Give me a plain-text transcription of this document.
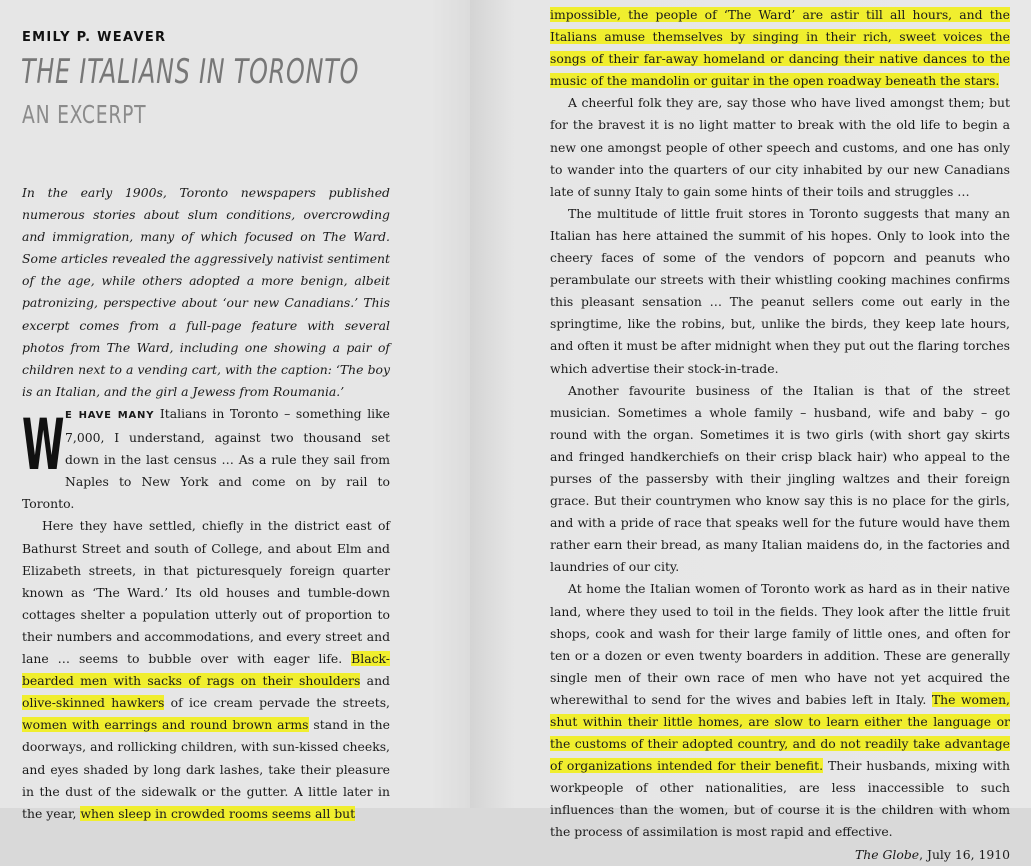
EMILY P. WEAVER
THE ITALIANS IN TORONTO
AN EXCERPT

In the early 1900s, Toronto newspapers published numerous stories about slum conditions, overcrowding and immigration, many of which focused on The Ward. Some articles revealed the aggressively nativist sentiment of the age, while others adopted a more benign, albeit patronizing, perspective about ‘our new Canadians.’ This excerpt comes from a full-page feature with several photos from The Ward, including one showing a pair of children next to a vending cart, with the caption: ‘The boy is an Italian, and the girl a Jewess from Roumania.’

W E HAVE MANY Italians in Toronto – something like 7,000, I understand, against two thousand set down in the last census … As a rule they sail from Naples to New York and come on by rail to Toronto.
Here they have settled, chiefly in the district east of Bathurst Street and south of College, and about Elm and Elizabeth streets, in that picturesquely foreign quarter known as ‘The Ward.’ Its old houses and tumble-down cottages shelter a population utterly out of proportion to their numbers and accommodations, and every street and lane … seems to bubble over with eager life. Black-bearded men with sacks of rags on their shoulders and olive-skinned hawkers of ice cream pervade the streets, women with earrings and round brown arms stand in the doorways, and rollicking children, with sun-kissed cheeks, and eyes shaded by long dark lashes, take their pleasure in the dust of the sidewalk or the gutter. A little later in the year, when sleep in crowded rooms seems all but

impossible, the people of ‘The Ward’ are astir till all hours, and the Italians amuse themselves by singing in their rich, sweet voices the songs of their far-away homeland or dancing their native dances to the music of the mandolin or guitar in the open roadway beneath the stars.

A cheerful folk they are, say those who have lived amongst them; but for the bravest it is no light matter to break with the old life to begin a new one amongst people of other speech and customs, and one has only to wander into the quarters of our city inhabited by our new Canadians late of sunny Italy to gain some hints of their toils and struggles …

The multitude of little fruit stores in Toronto suggests that many an Italian has here attained the summit of his hopes. Only to look into the cheery faces of some of the vendors of popcorn and peanuts who perambulate our streets with their whistling cooking machines confirms this pleasant sensation … The peanut sellers come out early in the springtime, like the robins, but, unlike the birds, they keep late hours, and often it must be after midnight when they put out the flaring torches which advertise their stock-in-trade.

Another favourite business of the Italian is that of the street musician. Sometimes a whole family – husband, wife and baby – go round with the organ. Sometimes it is two girls (with short gay skirts and fringed handkerchiefs on their crisp black hair) who appeal to the purses of the passersby with their jingling waltzes and their foreign grace. But their countrymen who know say this is no place for the girls, and with a pride of race that speaks well for the future would have them rather earn their bread, as many Italian maidens do, in the factories and laundries of our city.

At home the Italian women of Toronto work as hard as in their native land, where they used to toil in the fields. They look after the little fruit shops, cook and wash for their large family of little ones, and often for ten or a dozen or even twenty boarders in addition. These are generally single men of their own race of men who have not yet acquired the wherewithal to send for the wives and babies left in Italy. The women, shut within their little homes, are slow to learn either the language or the customs of their adopted country, and do not readily take advantage of organizations intended for their benefit. Their husbands, mixing with workpeople of other nationalities, are less inaccessible to such influences than the women, but of course it is the children with whom the process of assimilation is most rapid and effective.

The Globe, July 16, 1910
